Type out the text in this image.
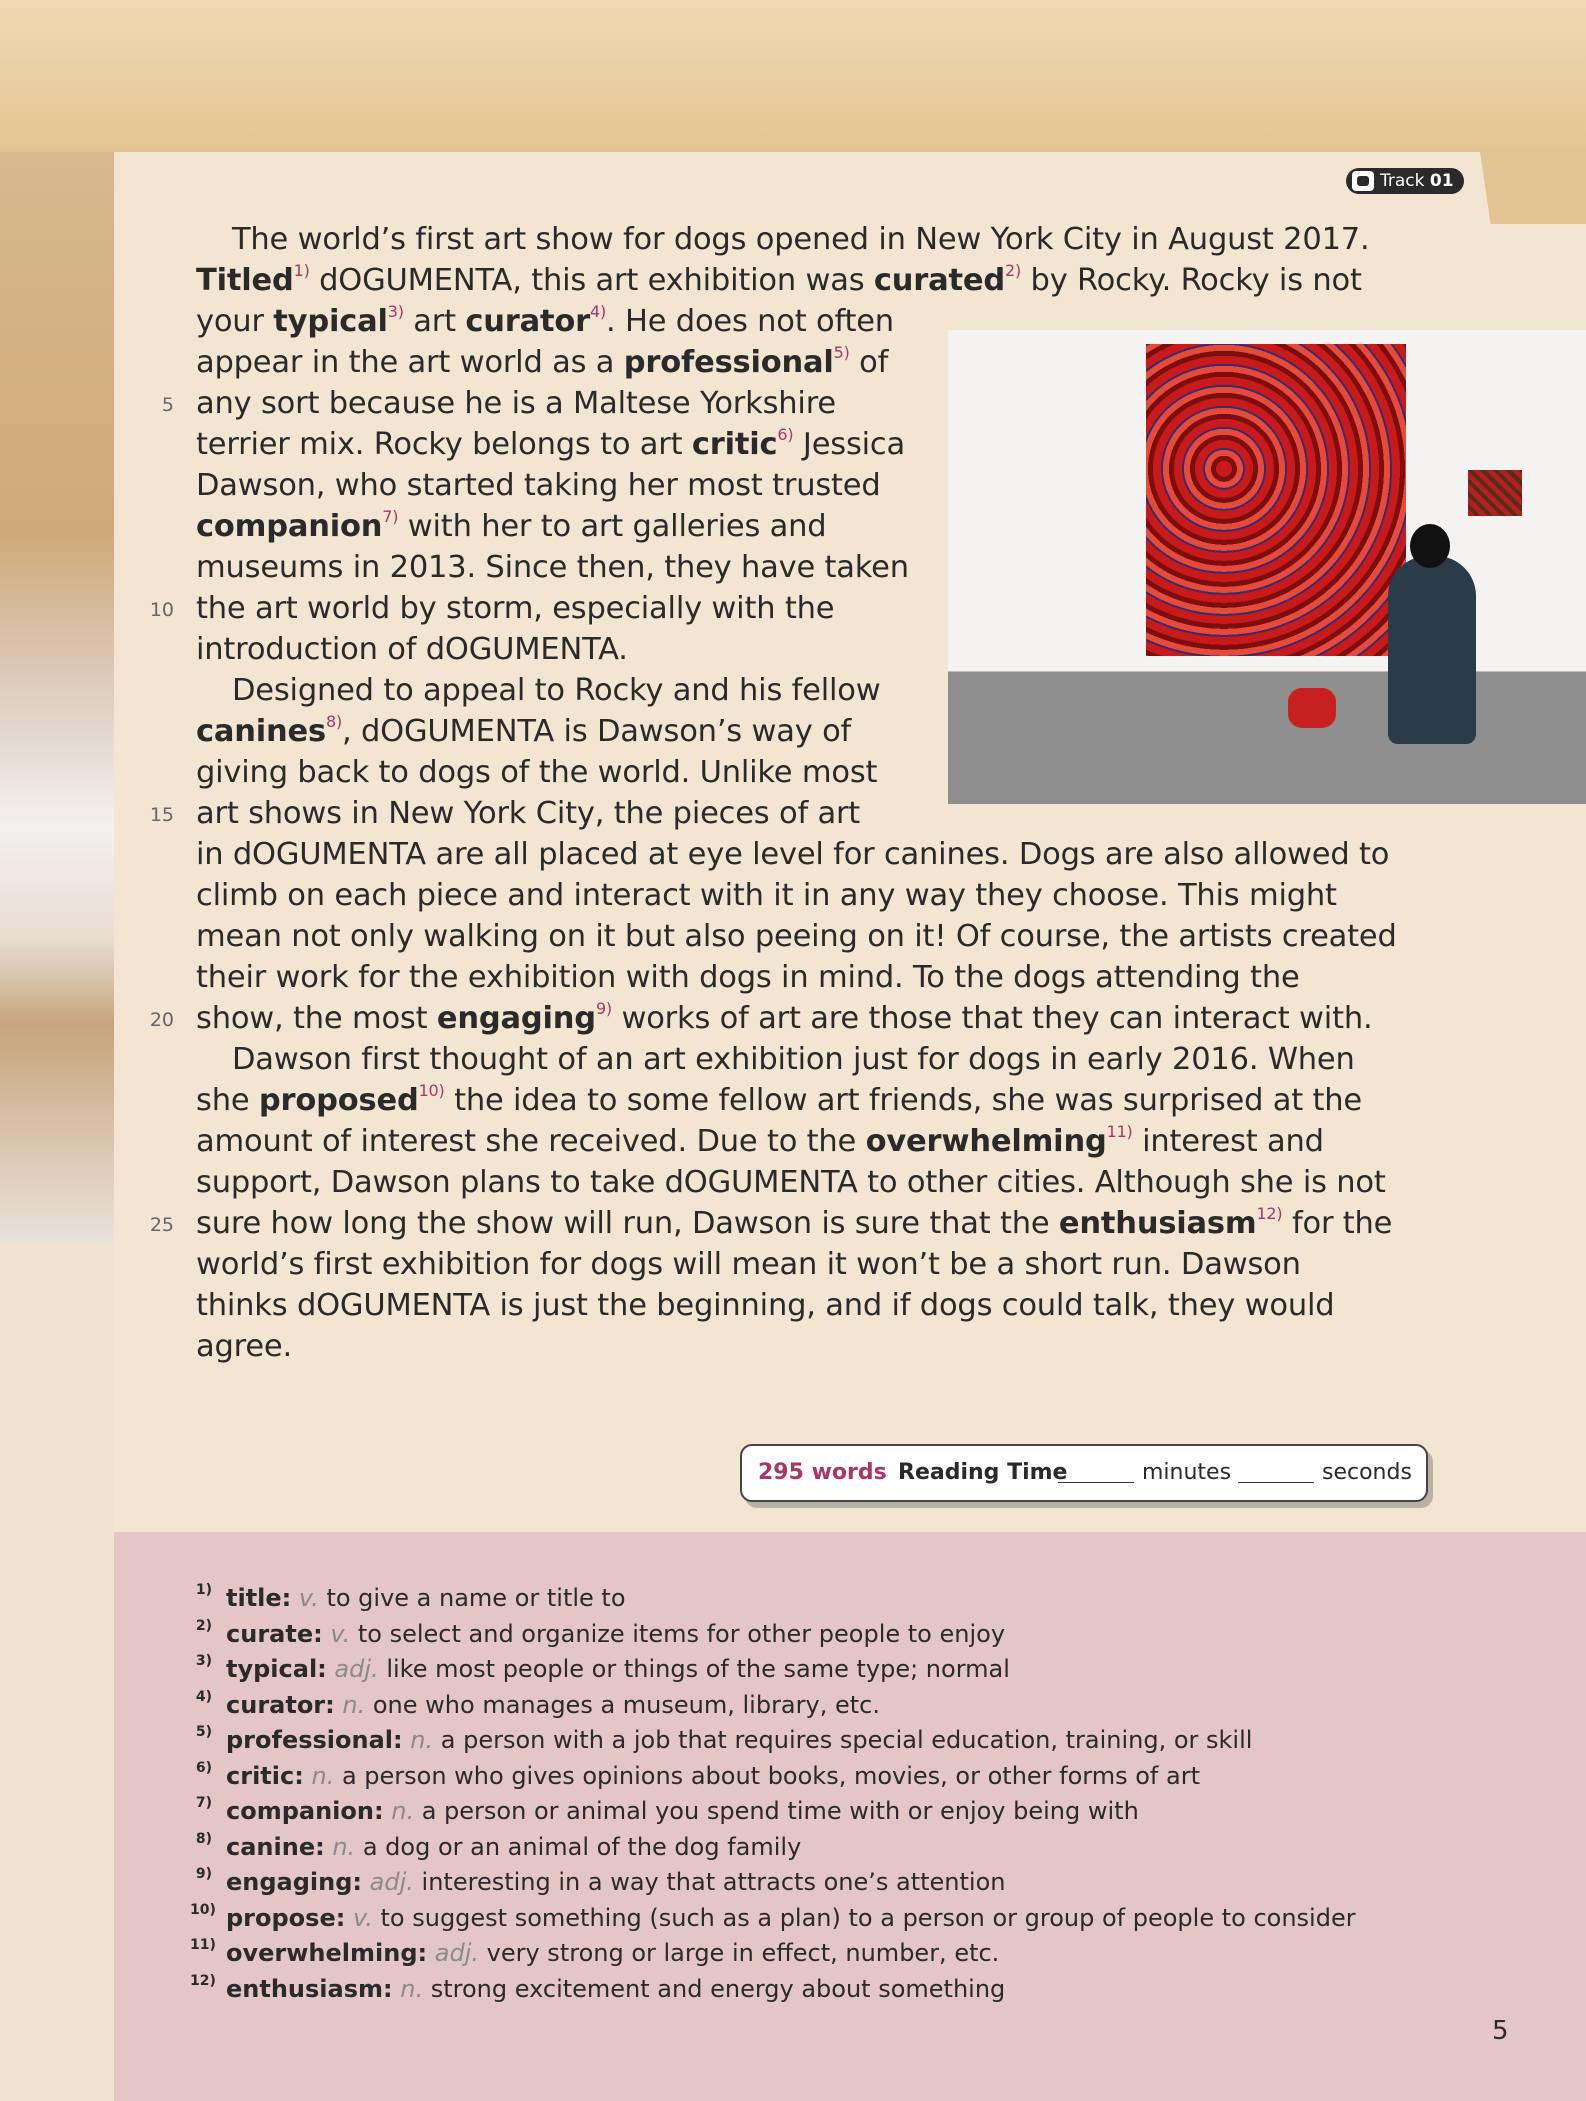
Track 01
The world’s first art show for dogs opened in New York City in August 2017.
Titled$^{1)}$ dOGUMENTA, this art exhibition was curated$^{2)}$ by Rocky. Rocky is not
your typical$^{3)}$ art curator$^{4)}$. He does not often
appear in the art world as a professional$^{5)}$ of
any sort because he is a Maltese Yorkshire
5
terrier mix. Rocky belongs to art critic$^{6)}$ Jessica
Dawson, who started taking her most trusted
companion$^{7)}$ with her to art galleries and
museums in 2013. Since then, they have taken
the art world by storm, especially with the
10
introduction of dOGUMENTA.
Designed to appeal to Rocky and his fellow
canines$^{8)}$, dOGUMENTA is Dawson’s way of
giving back to dogs of the world. Unlike most
art shows in New York City, the pieces of art
15
in dOGUMENTA are all placed at eye level for canines. Dogs are also allowed to
climb on each piece and interact with it in any way they choose. This might
mean not only walking on it but also peeing on it! Of course, the artists created
their work for the exhibition with dogs in mind. To the dogs attending the
show, the most engaging$^{9)}$ works of art are those that they can interact with.
20
Dawson first thought of an art exhibition just for dogs in early 2016. When
she proposed$^{10)}$ the idea to some fellow art friends, she was surprised at the
amount of interest she received. Due to the overwhelming$^{11)}$ interest and
support, Dawson plans to take dOGUMENTA to other cities. Although she is not
sure how long the show will run, Dawson is sure that the enthusiasm$^{12)}$ for the
25
world’s first exhibition for dogs will mean it won’t be a short run. Dawson
thinks dOGUMENTA is just the beginning, and if dogs could talk, they would
agree.
295 words Reading Time	minutes	seconds
1) title: v. to give a name or title to
2) curate: v. to select and organize items for other people to enjoy
3) typical: adj. like most people or things of the same type; normal
4) curator: n. one who manages a museum, library, etc.
5) professional: n. a person with a job that requires special education, training, or skill
6) critic: n. a person who gives opinions about books, movies, or other forms of art
7) companion: n. a person or animal you spend time with or enjoy being with
8) canine: n. a dog or an animal of the dog family
9) engaging: adj. interesting in a way that attracts one’s attention
10) propose: v. to suggest something (such as a plan) to a person or group of people to consider
11) overwhelming: adj. very strong or large in effect, number, etc.
12) enthusiasm: n. strong excitement and energy about something
5
